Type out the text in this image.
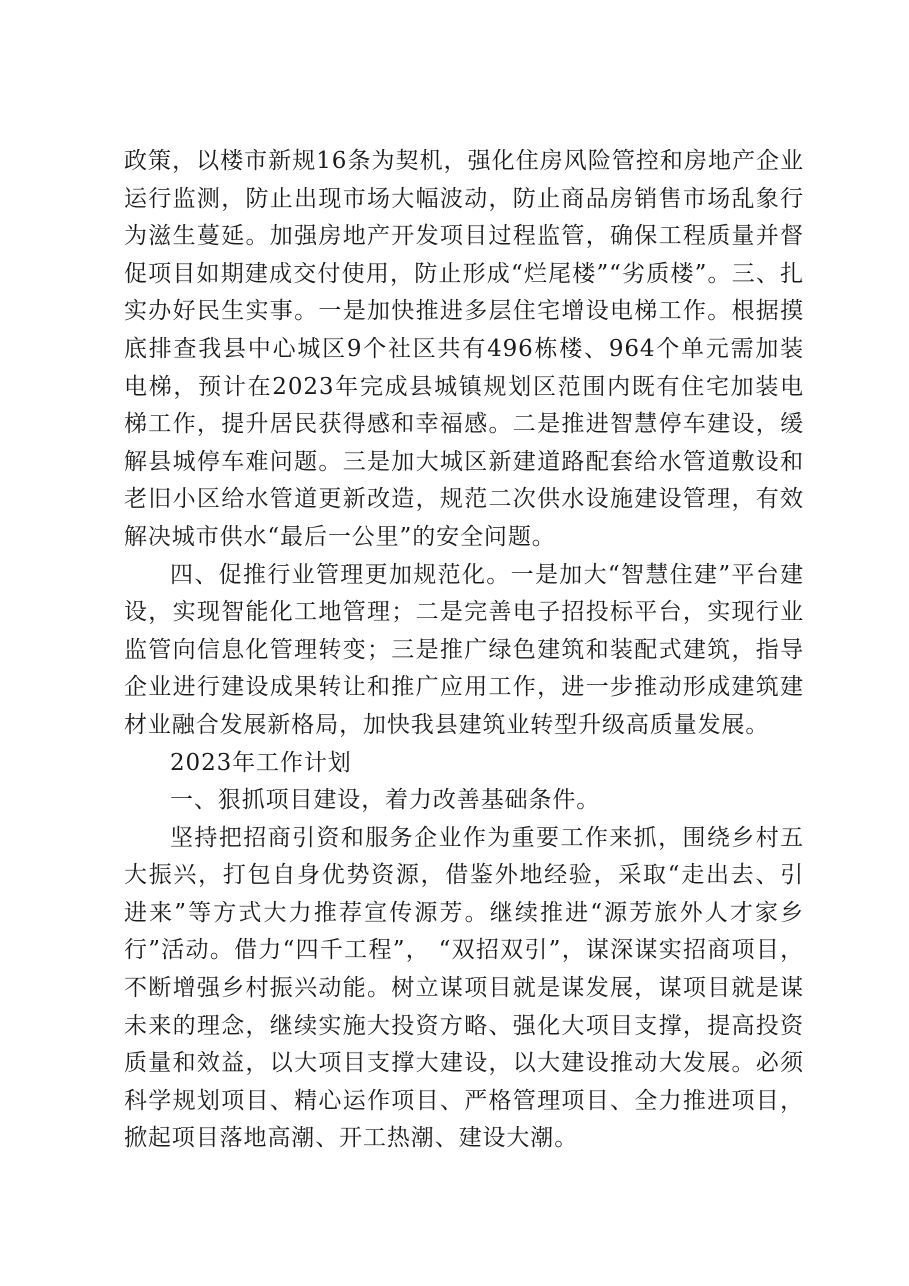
政策，以楼市新规16条为契机，强化住房风险管控和房地产企业运行监测，防止出现市场大幅波动，防止商品房销售市场乱象行为滋生蔓延。加强房地产开发项目过程监管，确保工程质量并督促项目如期建成交付使用，防止形成“烂尾楼”“劣质楼”。三、扎实办好民生实事。一是加快推进多层住宅增设电梯工作。根据摸底排查我县中心城区9个社区共有496栋楼、964个单元需加装电梯，预计在2023年完成县城镇规划区范围内既有住宅加装电梯工作，提升居民获得感和幸福感。二是推进智慧停车建设，缓解县城停车难问题。三是加大城区新建道路配套给水管道敷设和老旧小区给水管道更新改造，规范二次供水设施建设管理，有效解决城市供水“最后一公里”的安全问题。

四、促推行业管理更加规范化。一是加大“智慧住建”平台建设，实现智能化工地管理；二是完善电子招投标平台，实现行业监管向信息化管理转变；三是推广绿色建筑和装配式建筑，指导企业进行建设成果转让和推广应用工作，进一步推动形成建筑建材业融合发展新格局，加快我县建筑业转型升级高质量发展。

2023年工作计划

一、狠抓项目建设，着力改善基础条件。

坚持把招商引资和服务企业作为重要工作来抓，围绕乡村五大振兴，打包自身优势资源，借鉴外地经验，采取“走出去、引进来”等方式大力推荐宣传源芳。继续推进“源芳旅外人才家乡行”活动。借力“四千工程”， “双招双引”，谋深谋实招商项目，不断增强乡村振兴动能。树立谋项目就是谋发展，谋项目就是谋未来的理念，继续实施大投资方略、强化大项目支撑，提高投资质量和效益，以大项目支撑大建设，以大建设推动大发展。必须科学规划项目、精心运作项目、严格管理项目、全力推进项目，掀起项目落地高潮、开工热潮、建设大潮。
